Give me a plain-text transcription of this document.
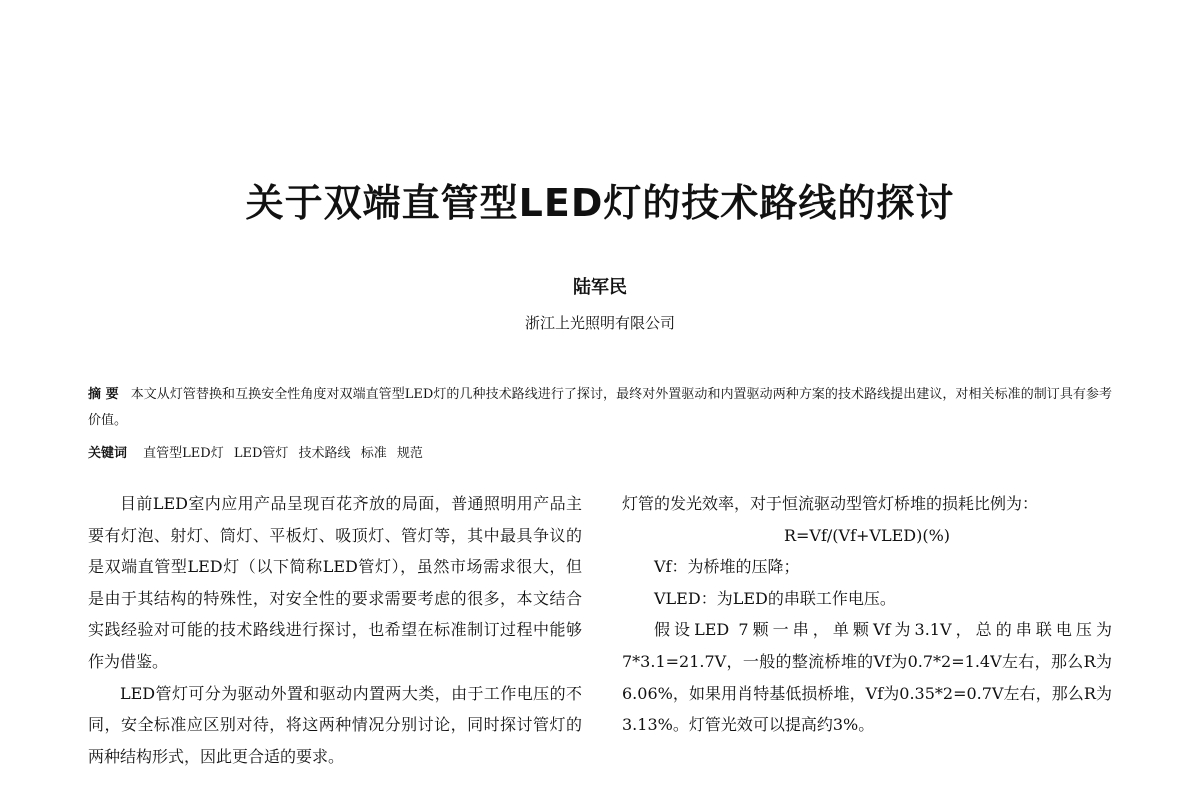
关于双端直管型LED灯的技术路线的探讨
陆军民
浙江上光照明有限公司
摘 要 本文从灯管替换和互换安全性角度对双端直管型LED灯的几种技术路线进行了探讨，最终对外置驱动和内置驱动两种方案的技术路线提出建议，对相关标准的制订具有参考价值。
关键词 直管型LED灯 LED管灯 技术路线 标准 规范

目前LED室内应用产品呈现百花齐放的局面，普通照明用产品主要有灯泡、射灯、筒灯、平板灯、吸顶灯、管灯等，其中最具争议的是双端直管型LED灯（以下简称LED管灯），虽然市场需求很大，但是由于其结构的特殊性，对安全性的要求需要考虑的很多，本文结合实践经验对可能的技术路线进行探讨，也希望在标准制订过程中能够作为借鉴。

LED管灯可分为驱动外置和驱动内置两大类，由于工作电压的不同，安全标准应区别对待，将这两种情况分别讨论，同时探讨管灯的两种结构形式，因此更合适的要求。

灯管的发光效率，对于恒流驱动型管灯桥堆的损耗比例为：

R=Vf/(Vf+VLED)(%)

Vf：为桥堆的压降；

VLED：为LED的串联工作电压。

假设LED 7颗一串，单颗Vf为3.1V，总的串联电压为7*3.1=21.7V，一般的整流桥堆的Vf为0.7*2=1.4V左右，那么R为6.06%，如果用肖特基低损桥堆，Vf为0.35*2=0.7V左右，那么R为3.13%。灯管光效可以提高约3%。
